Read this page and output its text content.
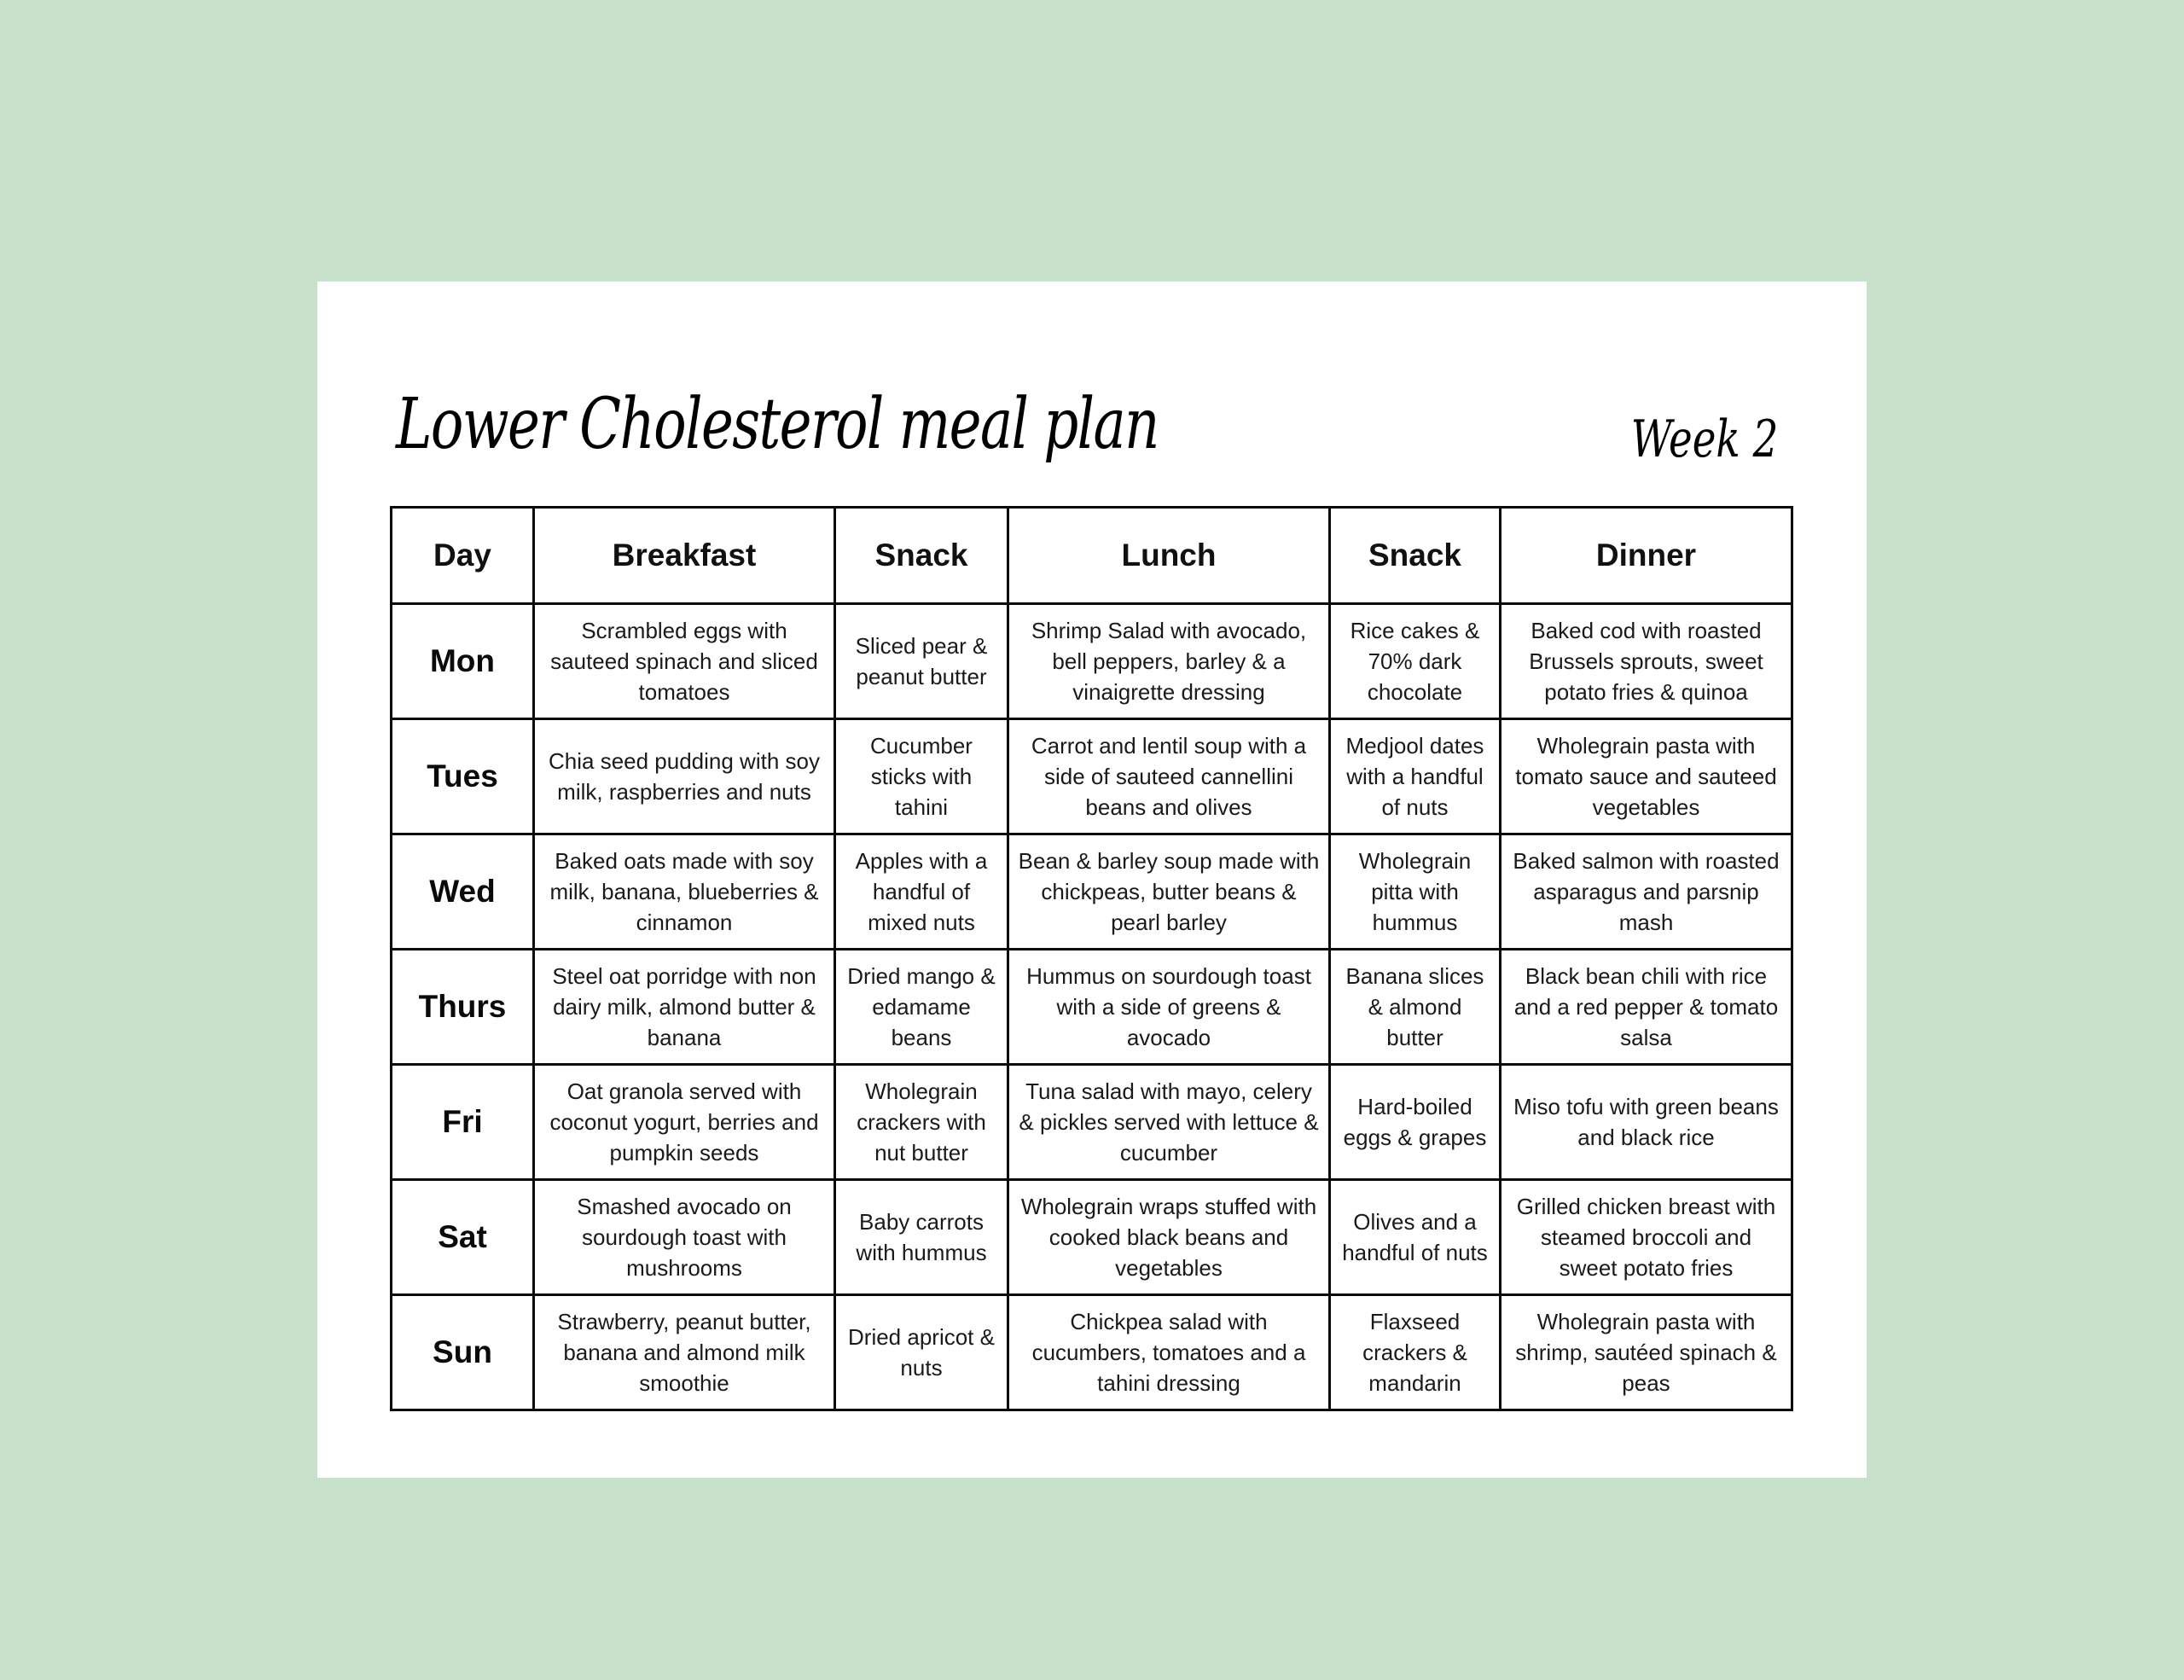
Lower Cholesterol meal plan	Week 2
Day	Breakfast	Snack	Lunch	Snack	Dinner
Mon	Scrambled eggs with sauteed spinach and sliced tomatoes	Sliced pear & peanut butter	Shrimp Salad with avocado, bell peppers, barley & a vinaigrette dressing	Rice cakes & 70% dark chocolate	Baked cod with roasted Brussels sprouts, sweet potato fries & quinoa
Tues	Chia seed pudding with soy milk, raspberries and nuts	Cucumber sticks with tahini	Carrot and lentil soup with a side of sauteed cannellini beans and olives	Medjool dates with a handful of nuts	Wholegrain pasta with tomato sauce and sauteed vegetables
Wed	Baked oats made with soy milk, banana, blueberries & cinnamon	Apples with a handful of mixed nuts	Bean & barley soup made with chickpeas, butter beans & pearl barley	Wholegrain pitta with hummus	Baked salmon with roasted asparagus and parsnip mash
Thurs	Steel oat porridge with non dairy milk, almond butter & banana	Dried mango & edamame beans	Hummus on sourdough toast with a side of greens & avocado	Banana slices & almond butter	Black bean chili with rice and a red pepper & tomato salsa
Fri	Oat granola served with coconut yogurt, berries and pumpkin seeds	Wholegrain crackers with nut butter	Tuna salad with mayo, celery & pickles served with lettuce & cucumber	Hard-boiled eggs & grapes	Miso tofu with green beans and black rice
Sat	Smashed avocado on sourdough toast with mushrooms	Baby carrots with hummus	Wholegrain wraps stuffed with cooked black beans and vegetables	Olives and a handful of nuts	Grilled chicken breast with steamed broccoli and sweet potato fries
Sun	Strawberry, peanut butter, banana and almond milk smoothie	Dried apricot & nuts	Chickpea salad with cucumbers, tomatoes and a tahini dressing	Flaxseed crackers & mandarin	Wholegrain pasta with shrimp, sautéed spinach & peas
